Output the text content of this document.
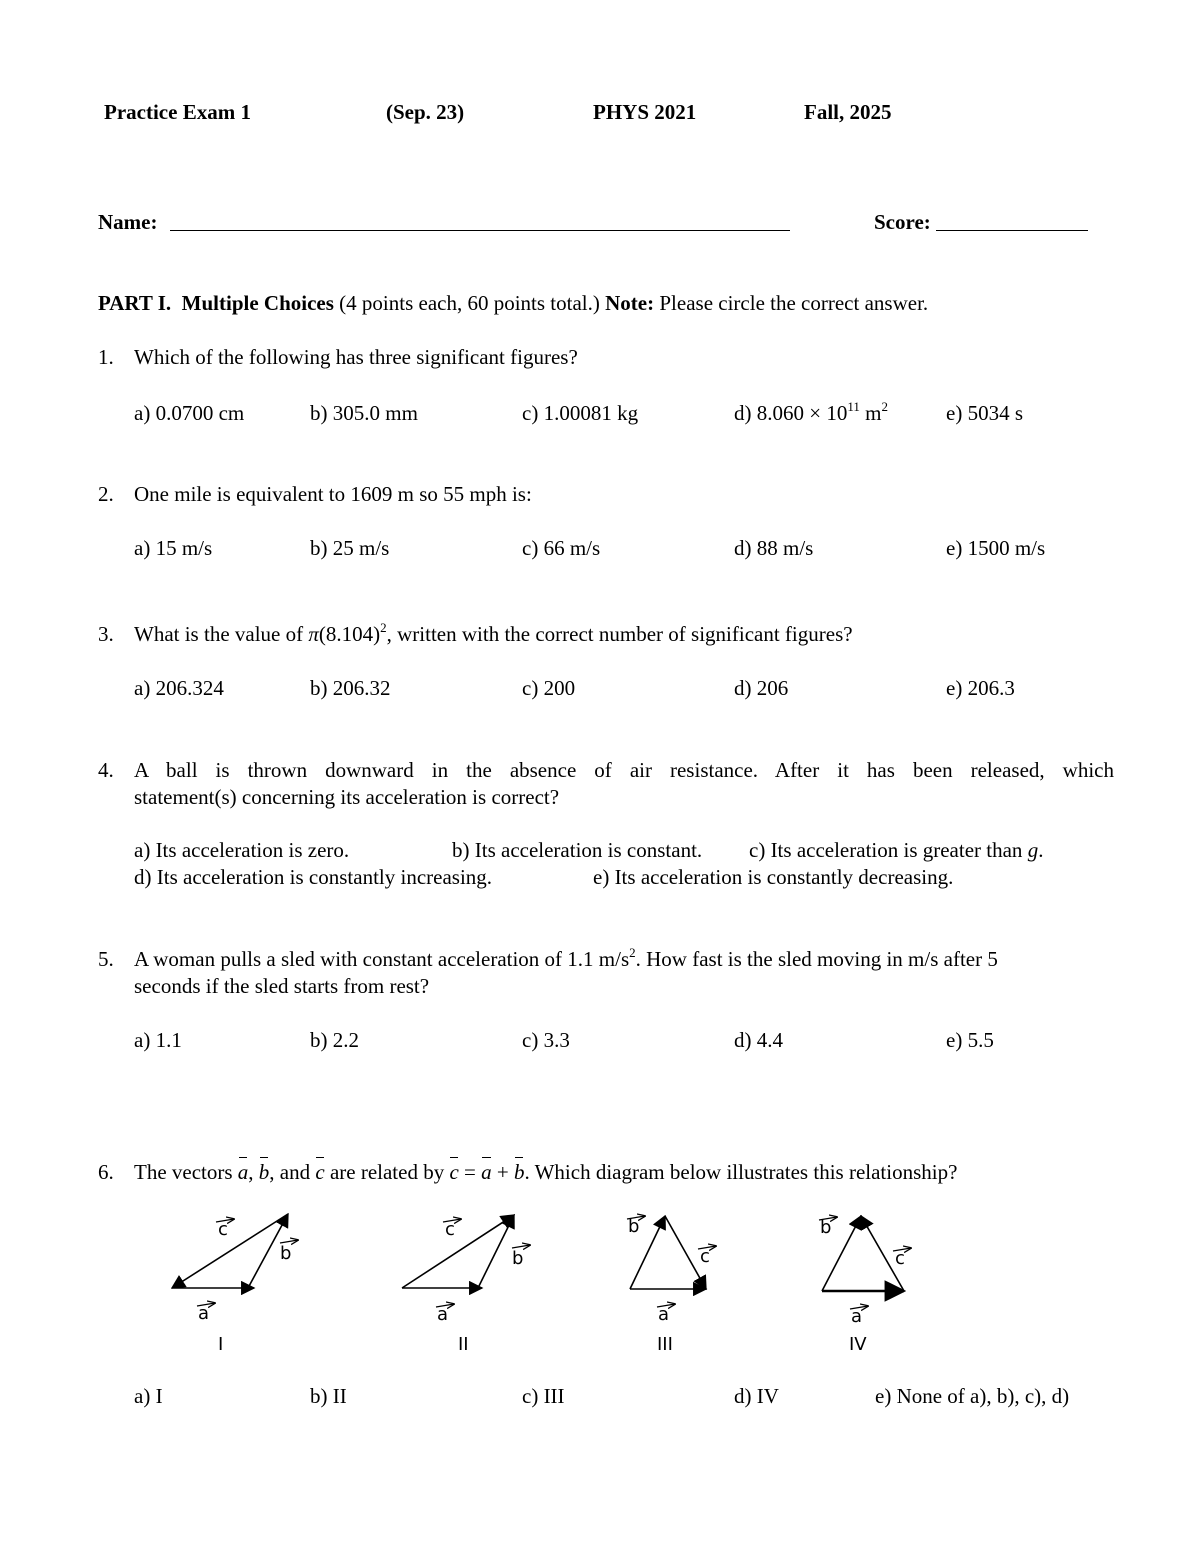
Practice Exam 1	(Sep. 23)	PHYS 2021	Fall, 2025
Name:	Score:
PART I. Multiple Choices (4 points each, 60 points total.) Note: Please circle the correct answer.
1. Which of the following has three significant figures?
a) 0.0700 cm	b) 305.0 mm	c) 1.00081 kg	d) $8.060 \times 10^{11}$ $m^2$	e) 5034 s
2. One mile is equivalent to 1609 m so 55 mph is:
a) 15 m/s	b) 25 m/s	c) 66 m/s	d) 88 m/s	e) 1500 m/s
3. What is the value of $\pi(8.104)^2$, written with the correct number of significant figures?
a) 206.324	b) 206.32	c) 200	d) 206	e) 206.3
4. A ball is thrown downward in the absence of air resistance. After it has been released, which
statement(s) concerning its acceleration is correct?
a) Its acceleration is zero.	b) Its acceleration is constant. c) Its acceleration is greater than g.
d) Its acceleration is constantly increasing.	e) Its acceleration is constantly decreasing.
5. A woman pulls a sled with constant acceleration of 1.1 $m/s^2$. How fast is the sled moving in m/s after 5
seconds if the sled starts from rest?
a) 1.1	b) 2.2	c) 3.3	d) 4.4	e) 5.5
6. The vectors a, b, and c are related by c = a + b. Which diagram below illustrates this relationship?
c
b
a
c
b
a
b
c
a
b
c
a
I	II	III	IV
a) I	b) II	c) III	d) IV	e) None of a), b), c), d)
